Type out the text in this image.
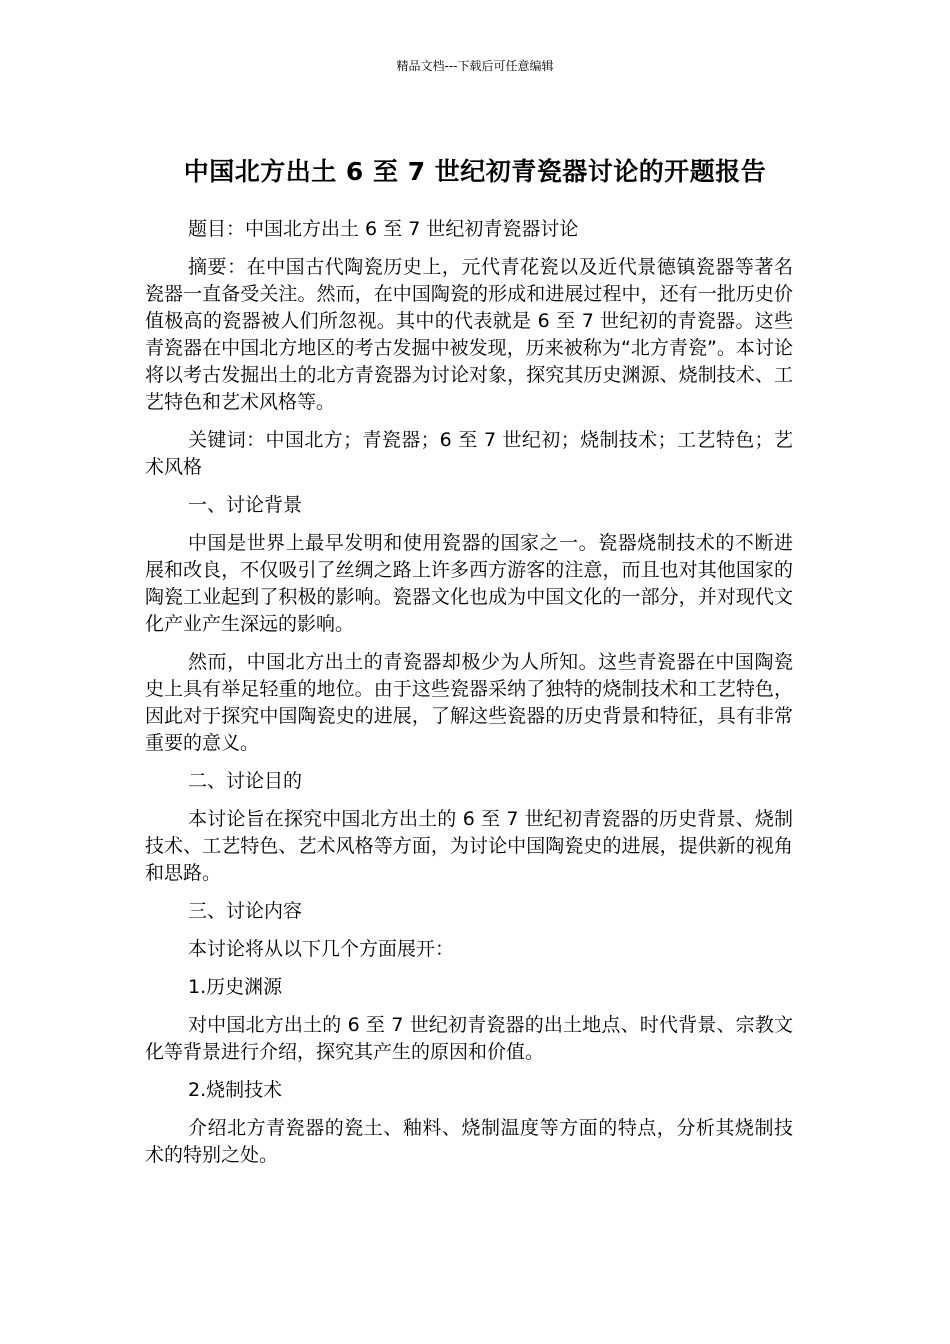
精品文档---下载后可任意编辑
中国北方出土 6 至 7 世纪初青瓷器讨论的开题报告

题目：中国北方出土 6 至 7 世纪初青瓷器讨论

摘要：在中国古代陶瓷历史上，元代青花瓷以及近代景德镇瓷器等著名瓷器一直备受关注。然而，在中国陶瓷的形成和进展过程中，还有一批历史价值极高的瓷器被人们所忽视。其中的代表就是 6 至 7 世纪初的青瓷器。这些青瓷器在中国北方地区的考古发掘中被发现，历来被称为“北方青瓷”。本讨论将以考古发掘出土的北方青瓷器为讨论对象，探究其历史渊源、烧制技术、工艺特色和艺术风格等。

关键词：中国北方；青瓷器；6 至 7 世纪初；烧制技术；工艺特色；艺术风格

一、讨论背景

中国是世界上最早发明和使用瓷器的国家之一。瓷器烧制技术的不断进展和改良，不仅吸引了丝绸之路上许多西方游客的注意，而且也对其他国家的陶瓷工业起到了积极的影响。瓷器文化也成为中国文化的一部分，并对现代文化产业产生深远的影响。

然而，中国北方出土的青瓷器却极少为人所知。这些青瓷器在中国陶瓷史上具有举足轻重的地位。由于这些瓷器采纳了独特的烧制技术和工艺特色，因此对于探究中国陶瓷史的进展，了解这些瓷器的历史背景和特征，具有非常重要的意义。

二、讨论目的

本讨论旨在探究中国北方出土的 6 至 7 世纪初青瓷器的历史背景、烧制技术、工艺特色、艺术风格等方面，为讨论中国陶瓷史的进展，提供新的视角和思路。

三、讨论内容

本讨论将从以下几个方面展开：

1.历史渊源

对中国北方出土的 6 至 7 世纪初青瓷器的出土地点、时代背景、宗教文化等背景进行介绍，探究其产生的原因和价值。

2.烧制技术

介绍北方青瓷器的瓷土、釉料、烧制温度等方面的特点，分析其烧制技术的特别之处。
